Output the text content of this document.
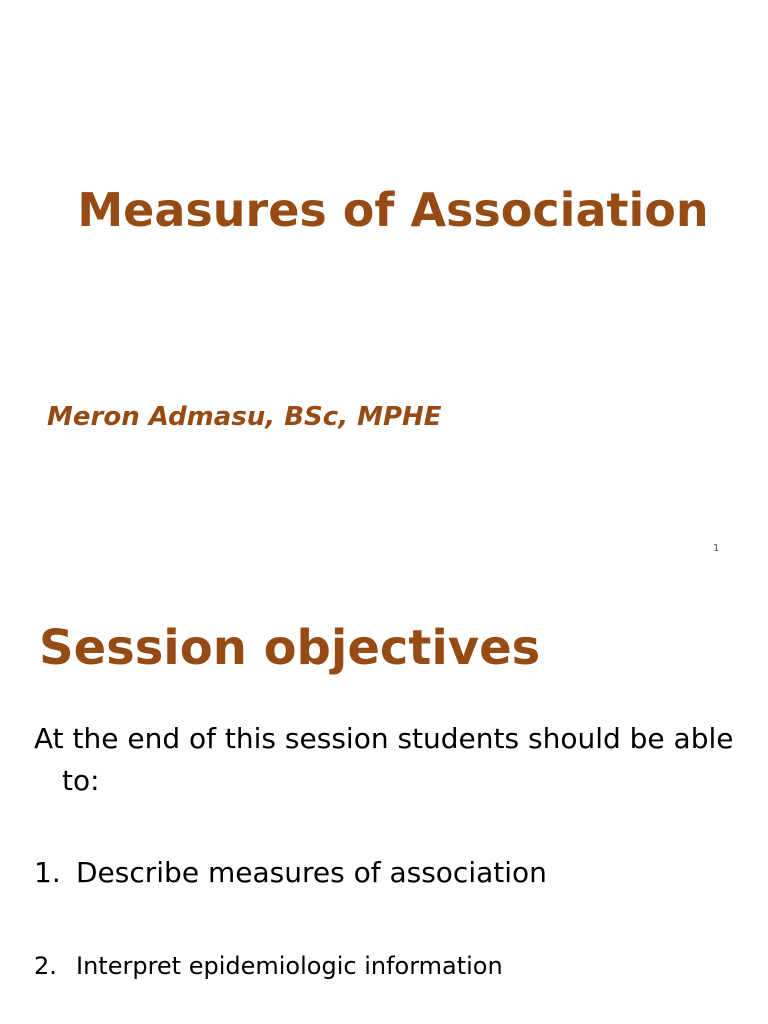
Measures of Association
Meron Admasu, BSc, MPHE
1
Session objectives
At the end of this session students should be able
to:
1. Describe measures of association
2. Interpret epidemiologic information
